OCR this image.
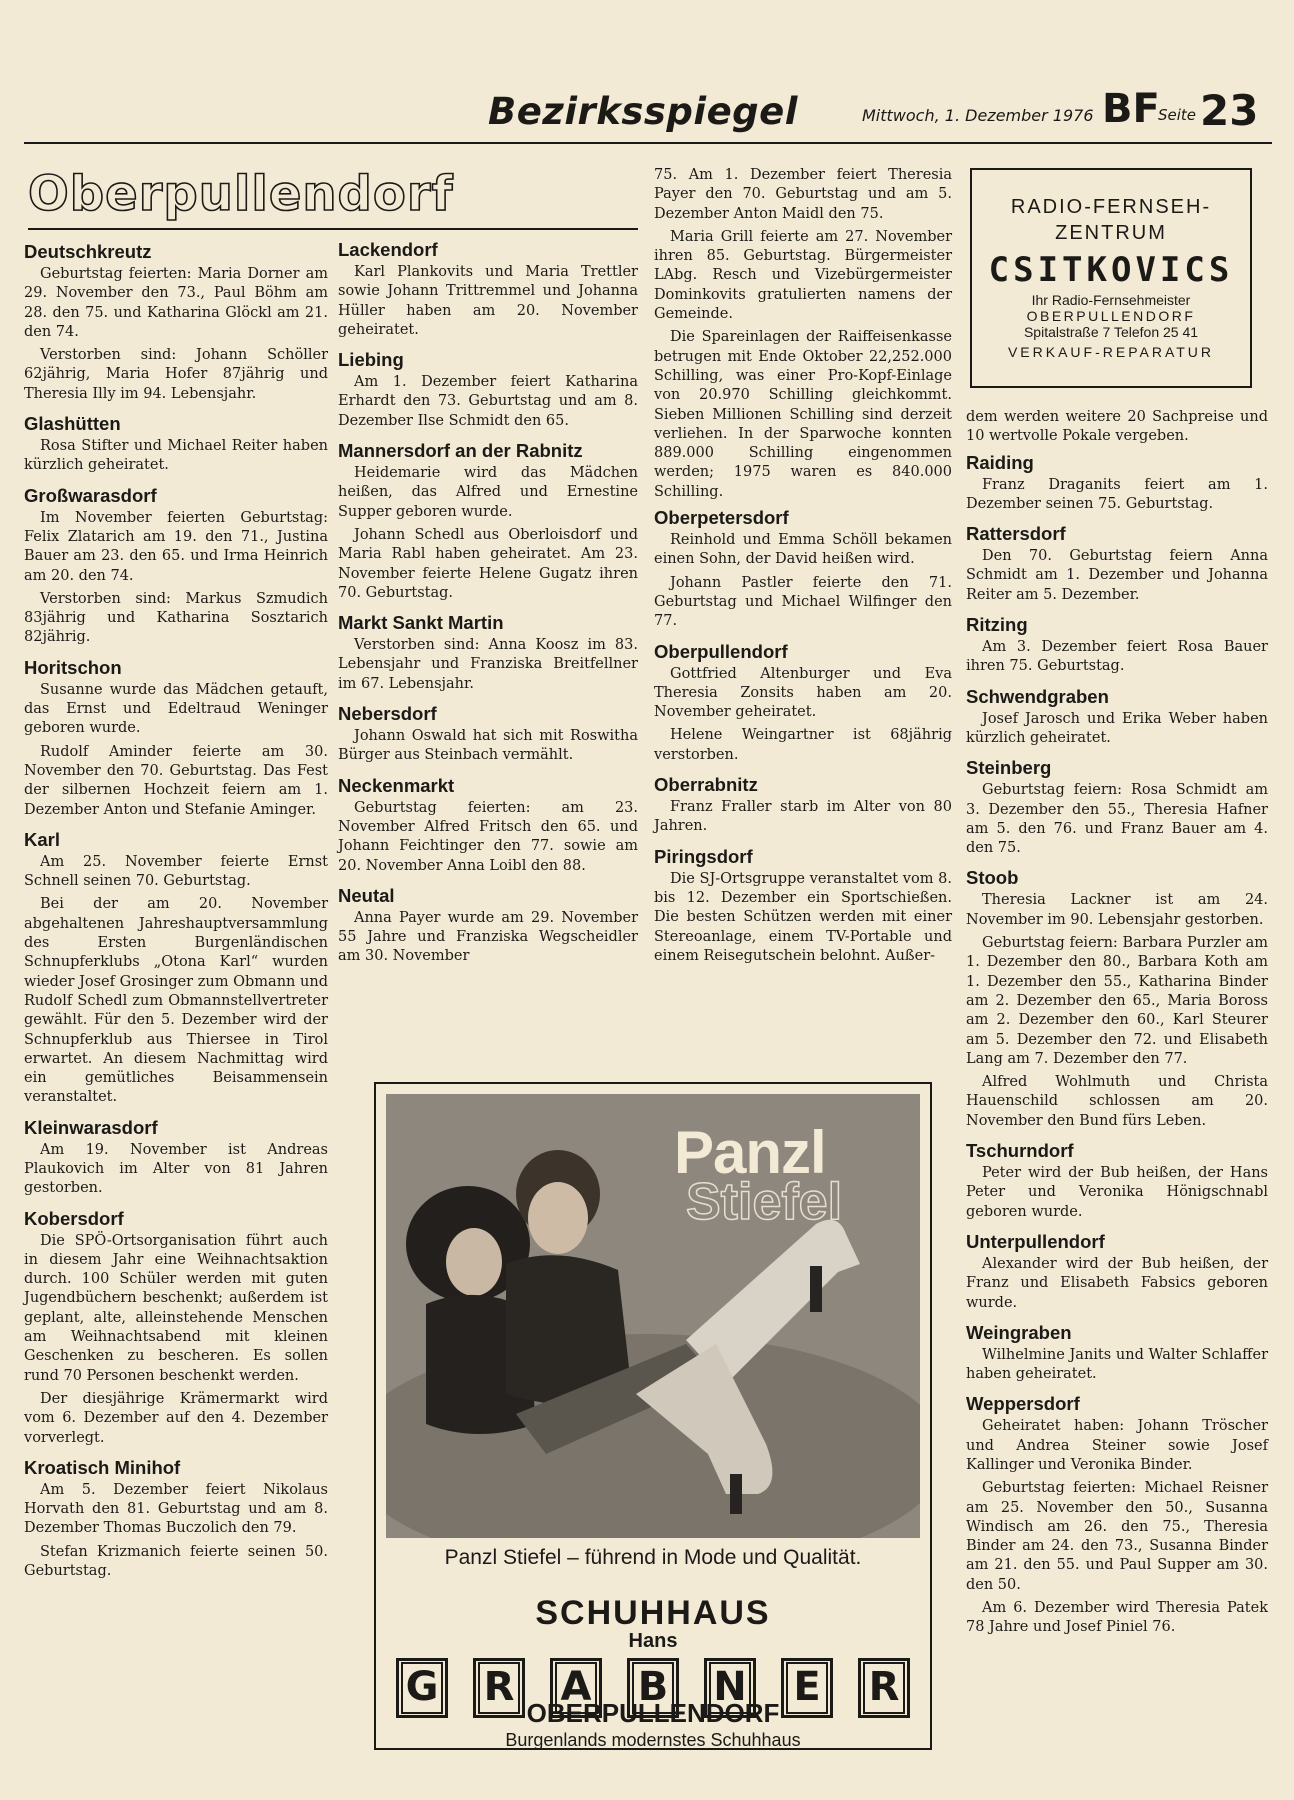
Bezirksspiegel	Mittwoch, 1. Dezember 1976 BF
Seite 23
Oberpullendorf
Deutschkreutz

Geburtstag feierten: Maria Dorner am 29. November den 73., Paul Böhm am 28. den 75. und Katharina Glöckl am 21. den 74.

Verstorben sind: Johann Schöller 62jährig, Maria Hofer 87jährig und Theresia Illy im 94. Lebensjahr.

Glashütten

Rosa Stifter und Michael Reiter haben kürzlich geheiratet.

Großwarasdorf

Im November feierten Geburtstag: Felix Zlatarich am 19. den 71., Justina Bauer am 23. den 65. und Irma Heinrich am 20. den 74.

Verstorben sind: Markus Szmudich 83jährig und Katharina Sosztarich 82jährig.

Horitschon

Susanne wurde das Mädchen getauft, das Ernst und Edeltraud Weninger geboren wurde.

Rudolf Aminder feierte am 30. November den 70. Geburtstag. Das Fest der silbernen Hochzeit feiern am 1. Dezember Anton und Stefanie Aminger.

Karl

Am 25. November feierte Ernst Schnell seinen 70. Geburtstag.

Bei der am 20. November abgehaltenen Jahreshauptversammlung des Ersten Burgenländischen Schnupferklubs „Otona Karl“ wurden wieder Josef Grosinger zum Obmann und Rudolf Schedl zum Obmannstellvertreter gewählt. Für den 5. Dezember wird der Schnupferklub aus Thiersee in Tirol erwartet. An diesem Nachmittag wird ein gemütliches Beisammensein veranstaltet.

Kleinwarasdorf

Am 19. November ist Andreas Plaukovich im Alter von 81 Jahren gestorben.

Kobersdorf

Die SPÖ-Ortsorganisation führt auch in diesem Jahr eine Weihnachtsaktion durch. 100 Schüler werden mit guten Jugendbüchern beschenkt; außerdem ist geplant, alte, alleinstehende Menschen am Weihnachtsabend mit kleinen Geschenken zu bescheren. Es sollen rund 70 Personen beschenkt werden.

Der diesjährige Krämermarkt wird vom 6. Dezember auf den 4. Dezember vorverlegt.

Kroatisch Minihof

Am 5. Dezember feiert Nikolaus Horvath den 81. Geburtstag und am 8. Dezember Thomas Buczolich den 79.

Stefan Krizmanich feierte seinen 50. Geburtstag.

Lackendorf

Karl Plankovits und Maria Trettler sowie Johann Trittremmel und Johanna Hüller haben am 20. November geheiratet.

Liebing

Am 1. Dezember feiert Katharina Erhardt den 73. Geburtstag und am 8. Dezember Ilse Schmidt den 65.

Mannersdorf an der Rabnitz

Heidemarie wird das Mädchen heißen, das Alfred und Ernestine Supper geboren wurde.

Johann Schedl aus Oberloisdorf und Maria Rabl haben geheiratet. Am 23. November feierte Helene Gugatz ihren 70. Geburtstag.

Markt Sankt Martin

Verstorben sind: Anna Koosz im 83. Lebensjahr und Franziska Breitfellner im 67. Lebensjahr.

Nebersdorf

Johann Oswald hat sich mit Roswitha Bürger aus Steinbach vermählt.

Neckenmarkt

Geburtstag feierten: am 23. November Alfred Fritsch den 65. und Johann Feichtinger den 77. sowie am 20. November Anna Loibl den 88.

Neutal

Anna Payer wurde am 29. November 55 Jahre und Franziska Wegscheidler am 30. November

75. Am 1. Dezember feiert Theresia Payer den 70. Geburtstag und am 5. Dezember Anton Maidl den 75.

Maria Grill feierte am 27. November ihren 85. Geburtstag. Bürgermeister LAbg. Resch und Vizebürgermeister Dominkovits gratulierten namens der Gemeinde.

Die Spareinlagen der Raiffeisenkasse betrugen mit Ende Oktober 22,252.000 Schilling, was einer Pro-Kopf-Einlage von 20.970 Schilling gleichkommt. Sieben Millionen Schilling sind derzeit verliehen. In der Sparwoche konnten 889.000 Schilling eingenommen werden; 1975 waren es 840.000 Schilling.

Oberpetersdorf

Reinhold und Emma Schöll bekamen einen Sohn, der David heißen wird.

Johann Pastler feierte den 71. Geburtstag und Michael Wilfinger den 77.

Oberpullendorf

Gottfried Altenburger und Eva Theresia Zonsits haben am 20. November geheiratet.

Helene Weingartner ist 68jährig verstorben.

Oberrabnitz

Franz Fraller starb im Alter von 80 Jahren.

Piringsdorf

Die SJ-Ortsgruppe veranstaltet vom 8. bis 12. Dezember ein Sportschießen. Die besten Schützen werden mit einer Stereoanlage, einem TV-Portable und einem Reisegutschein belohnt. Außer-

RADIO-FERNSEH-
ZENTRUM
CSITKOVICS
Ihr Radio-Fernsehmeister
OBERPULLENDORF
Spitalstraße 7 Telefon 25 41
VERKAUF-REPARATUR

dem werden weitere 20 Sachpreise und 10 wertvolle Pokale vergeben.

Raiding

Franz Draganits feiert am 1. Dezember seinen 75. Geburtstag.

Rattersdorf

Den 70. Geburtstag feiern Anna Schmidt am 1. Dezember und Johanna Reiter am 5. Dezember.

Ritzing

Am 3. Dezember feiert Rosa Bauer ihren 75. Geburtstag.

Schwendgraben

Josef Jarosch und Erika Weber haben kürzlich geheiratet.

Steinberg

Geburtstag feiern: Rosa Schmidt am 3. Dezember den 55., Theresia Hafner am 5. den 76. und Franz Bauer am 4. den 75.

Stoob

Theresia Lackner ist am 24. November im 90. Lebensjahr gestorben.

Geburtstag feiern: Barbara Purzler am 1. Dezember den 80., Barbara Koth am 1. Dezember den 55., Katharina Binder am 2. Dezember den 65., Maria Boross am 2. Dezember den 60., Karl Steurer am 5. Dezember den 72. und Elisabeth Lang am 7. Dezember den 77.

Alfred Wohlmuth und Christa Hauenschild schlossen am 20. November den Bund fürs Leben.

Tschurndorf

Peter wird der Bub heißen, der Hans Peter und Veronika Hönigschnabl geboren wurde.

Unterpullendorf

Alexander wird der Bub heißen, der Franz und Elisabeth Fabsics geboren wurde.

Weingraben

Wilhelmine Janits und Walter Schlaffer haben geheiratet.

Weppersdorf

Geheiratet haben: Johann Tröscher und Andrea Steiner sowie Josef Kallinger und Veronika Binder.

Geburtstag feierten: Michael Reisner am 25. November den 50., Susanna Windisch am 26. den 75., Theresia Binder am 24. den 73., Susanna Binder am 21. den 55. und Paul Supper am 30. den 50.

Am 6. Dezember wird Theresia Patek 78 Jahre und Josef Piniel 76.

Panzl
Stiefel
Panzl Stiefel – führend in Mode und Qualität.
SCHUHHAUS
Hans
G R A B N E R
OBERPULLENDORF
Burgenlands modernstes Schuhhaus
